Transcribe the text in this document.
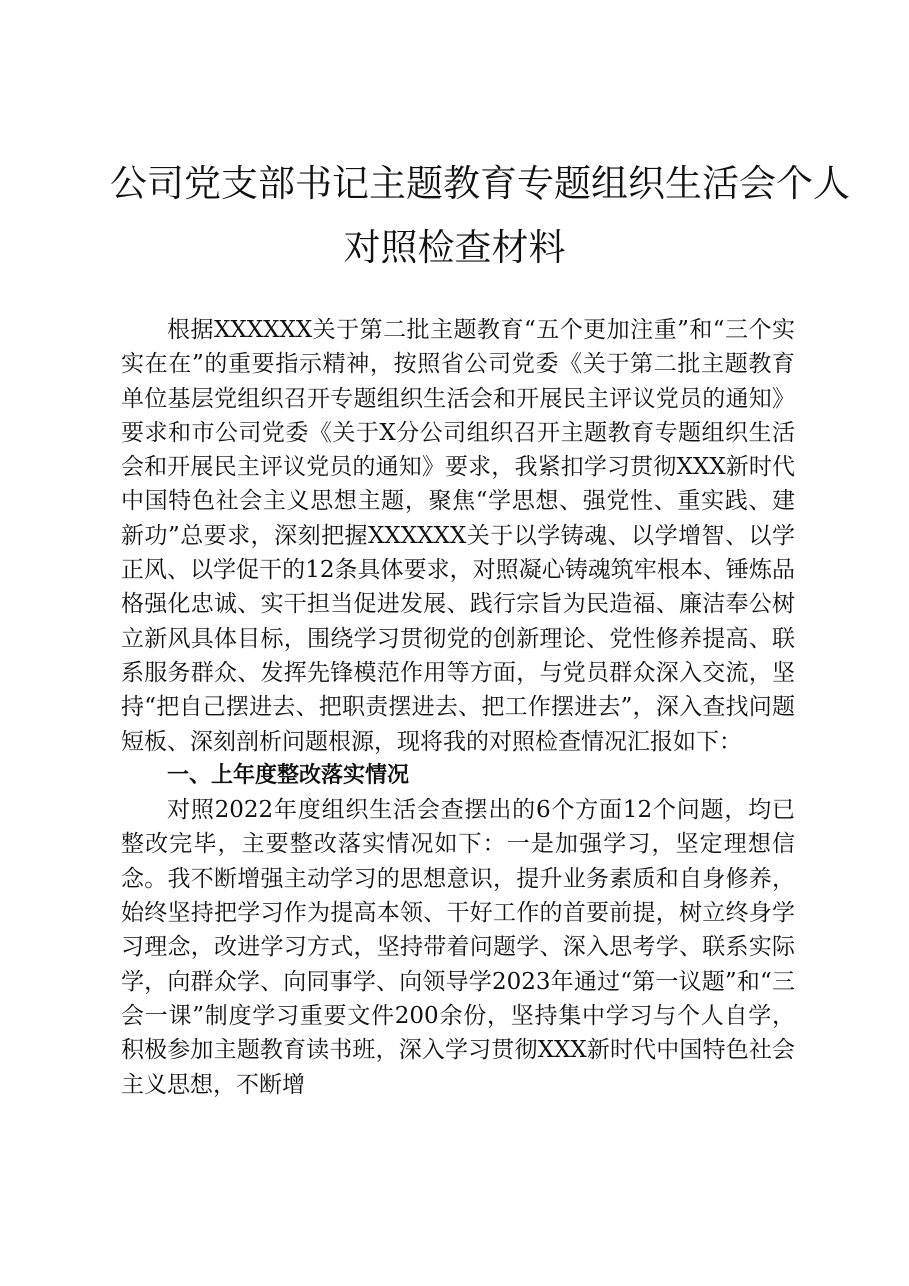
公司党支部书记主题教育专题组织生活会个人
对照检查材料

根据XXXXXX关于第二批主题教育“五个更加注重”和“三个实实在在”的重要指示精神，按照省公司党委《关于第二批主题教育单位基层党组织召开专题组织生活会和开展民主评议党员的通知》要求和市公司党委《关于X分公司组织召开主题教育专题组织生活会和开展民主评议党员的通知》要求，我紧扣学习贯彻XXX新时代中国特色社会主义思想主题，聚焦“学思想、强党性、重实践、建新功”总要求，深刻把握XXXXXX关于以学铸魂、以学增智、以学正风、以学促干的12条具体要求，对照凝心铸魂筑牢根本、锤炼品格强化忠诚、实干担当促进发展、践行宗旨为民造福、廉洁奉公树立新风具体目标，围绕学习贯彻党的创新理论、党性修养提高、联系服务群众、发挥先锋模范作用等方面，与党员群众深入交流，坚持“把自己摆进去、把职责摆进去、把工作摆进去”，深入查找问题短板、深刻剖析问题根源，现将我的对照检查情况汇报如下：

一、上年度整改落实情况

对照2022年度组织生活会查摆出的6个方面12个问题，均已整改完毕，主要整改落实情况如下：一是加强学习，坚定理想信念。我不断增强主动学习的思想意识，提升业务素质和自身修养，始终坚持把学习作为提高本领、干好工作的首要前提，树立终身学习理念，改进学习方式，坚持带着问题学、深入思考学、联系实际学，向群众学、向同事学、向领导学2023年通过“第一议题”和“三会一课”制度学习重要文件200余份，坚持集中学习与个人自学，积极参加主题教育读书班，深入学习贯彻XXX新时代中国特色社会主义思想，不断增
